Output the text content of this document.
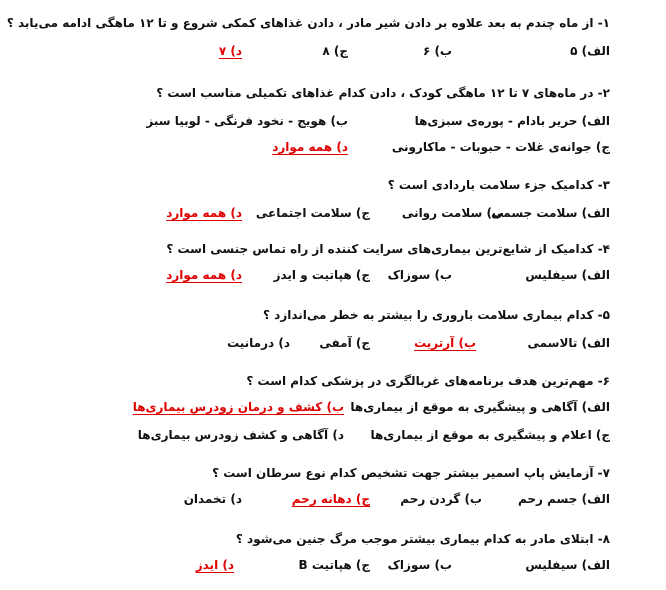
۱- از ماه چندم به بعد علاوه بر دادن شیر مادر ، دادن غذاهای کمکی شروع و تا ۱۲ ماهگی ادامه می‌یابد ؟
الف) ۵
ب) ۶
ج) ۸
د) ۷
۲- در ماه‌های ۷ تا ۱۲ ماهگی کودک ، دادن کدام غذاهای تکمیلی مناسب است ؟
الف) حریر بادام - پوره‌ی سبزی‌ها
ب) هویج - نخود فرنگی - لوبیا سبز
ج) جوانه‌ی غلات - حبوبات - ماکارونی
د) همه موارد
۳- کدامیک جزء سلامت باردادی است ؟
الف) سلامت جسمی
ب) سلامت روانی
ج) سلامت اجتماعی
د) همه موارد
۴- کدامیک از شایع‌ترین بیماری‌های سرایت کننده از راه تماس جنسی است ؟
الف) سیفلیس
ب) سوزاک
ج) هپاتیت و ایدز
د) همه موارد
۵- کدام بیماری سلامت باروری را بیشتر به خطر می‌اندازد ؟
الف) تالاسمی
ب) آرتریت
ج) آمفی
د) درمانیت
۶- مهم‌ترین هدف برنامه‌های غربالگری در پزشکی کدام است ؟
الف) آگاهی و پیشگیری به موقع از بیماری‌ها
ب) کشف و درمان زودرس بیماری‌ها
ج) اعلام و پیشگیری به موقع از بیماری‌ها
د) آگاهی و کشف زودرس بیماری‌ها
۷- آزمایش پاپ اسمیر بیشتر جهت تشخیص کدام نوع سرطان است ؟
الف) جسم رحم
ب) گردن رحم
ج) دهانه رحم
د) تخمدان
۸- ابتلای مادر به کدام بیماری بیشتر موجب مرگ جنین می‌شود ؟
الف) سیفلیس
ب) سوزاک
ج) هپاتیت B
د) ایدز
